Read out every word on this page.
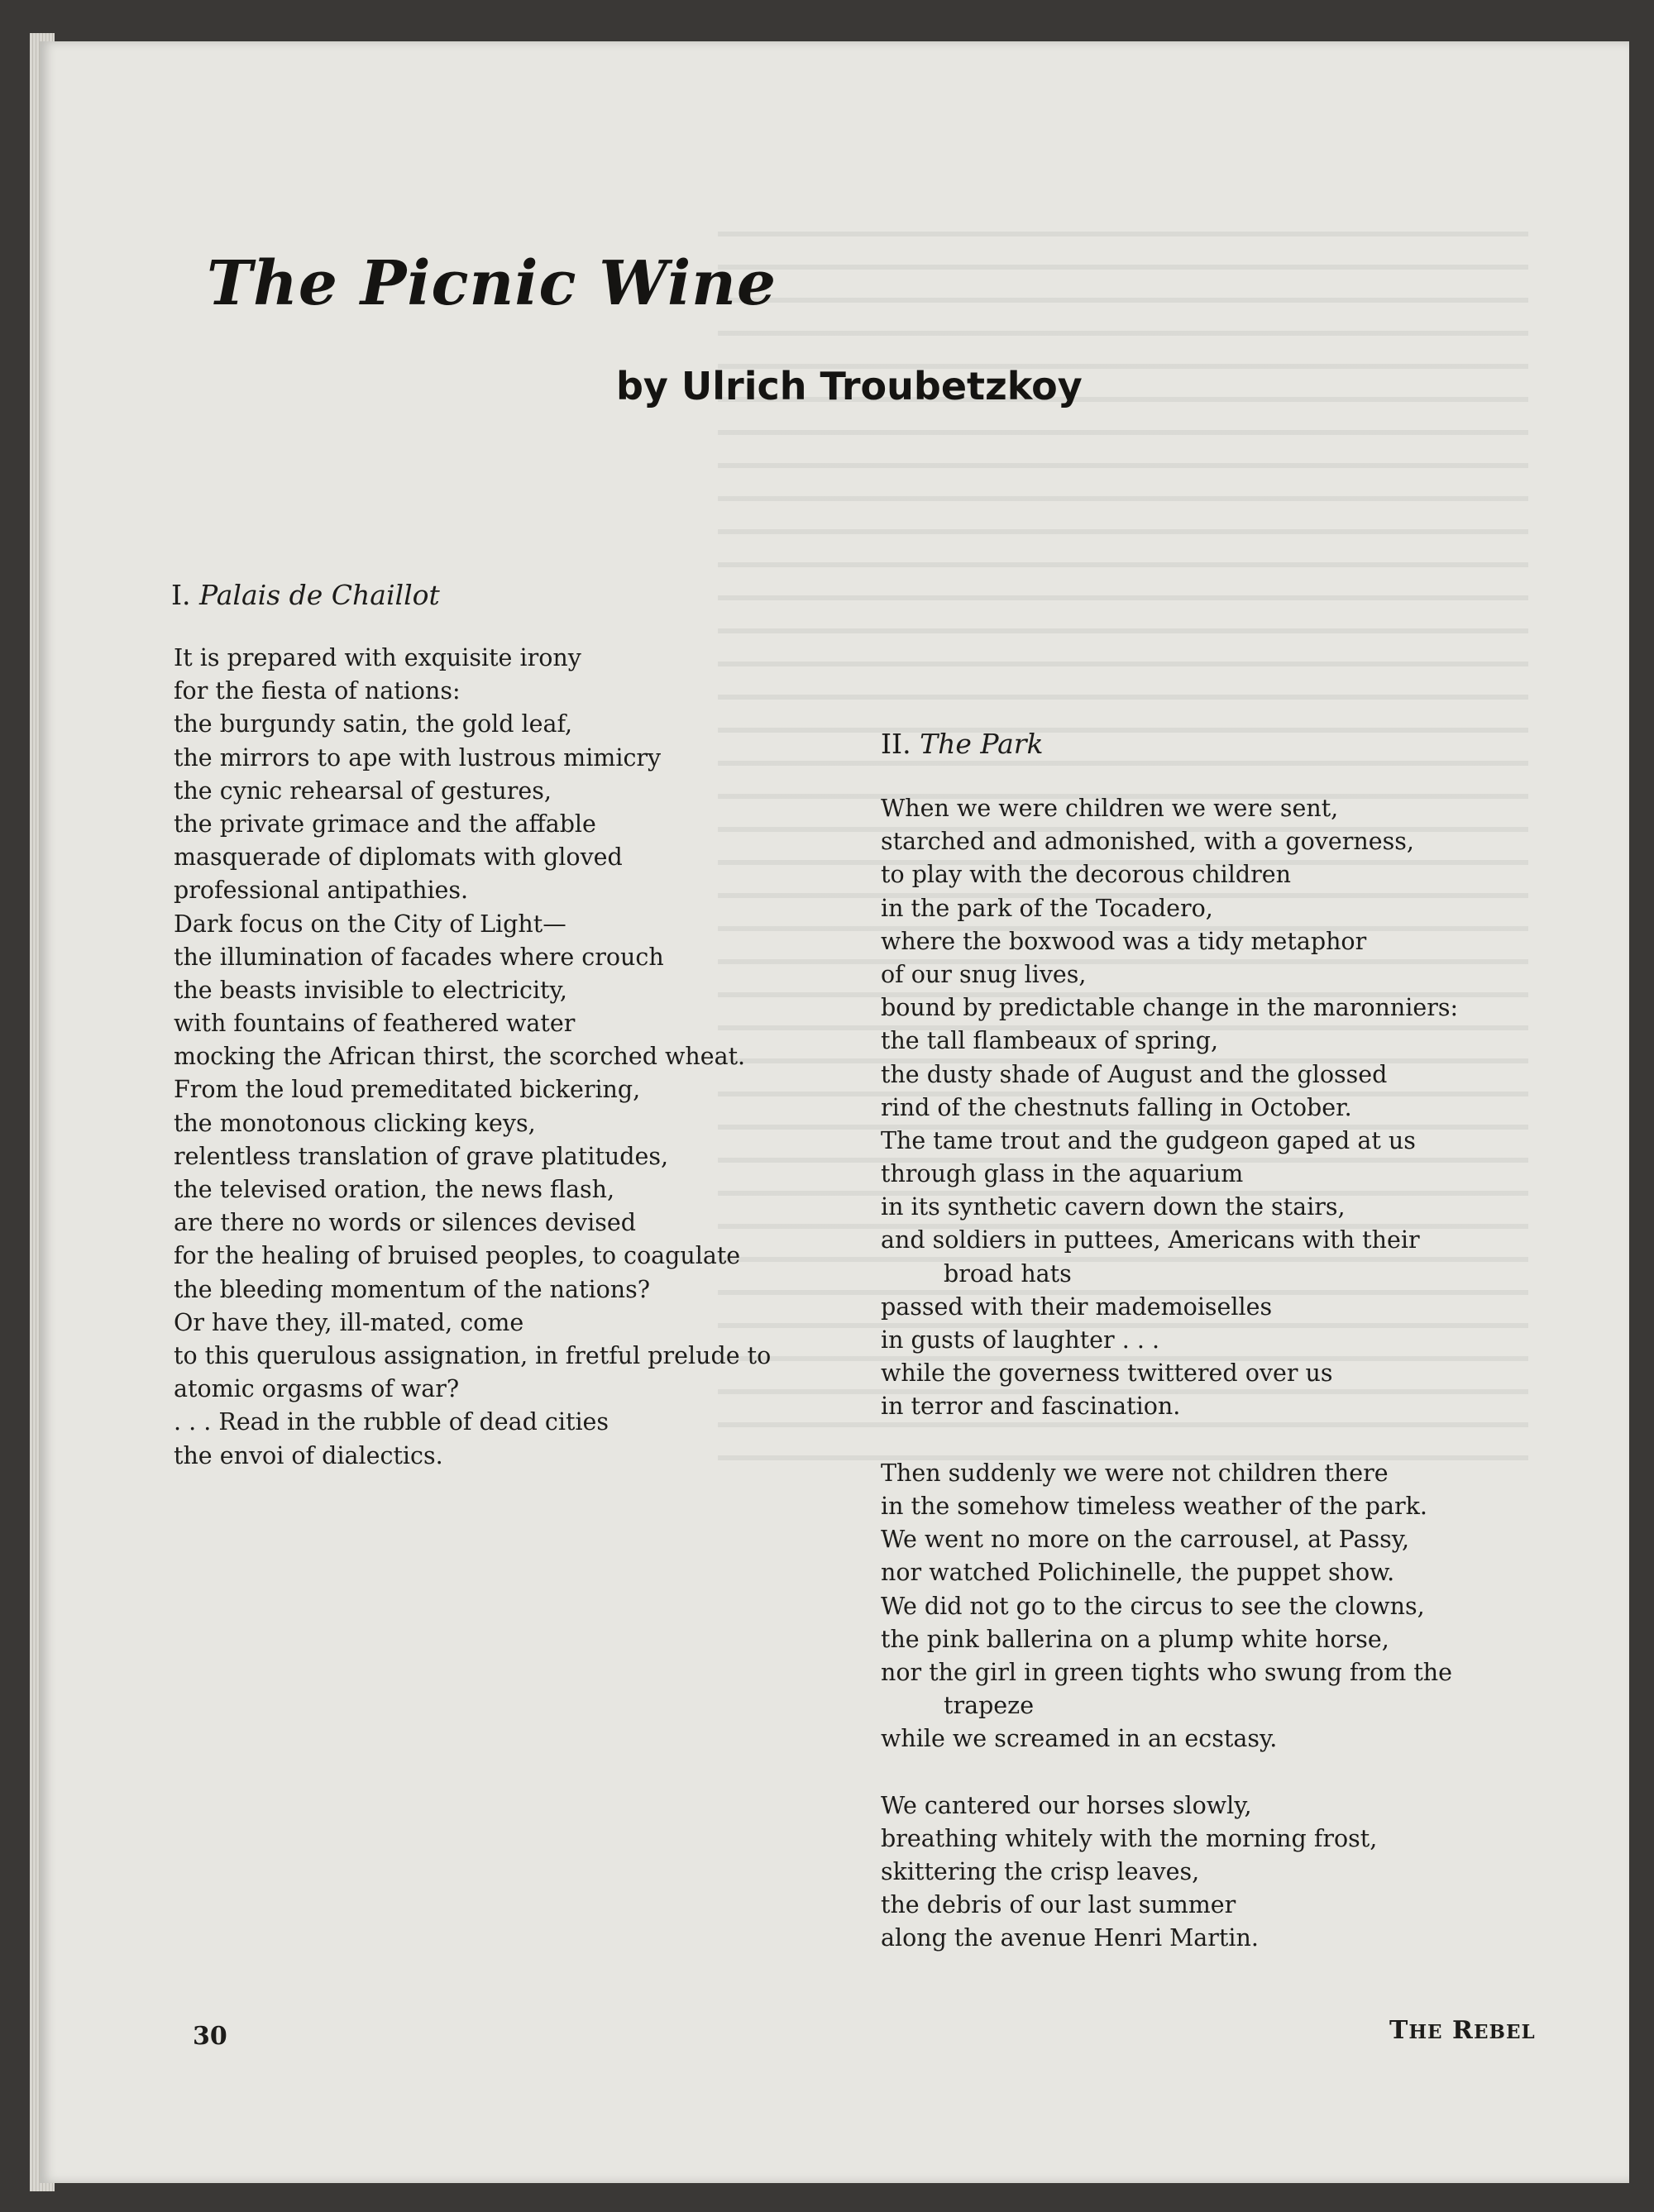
The Picnic Wine
by Ulrich Troubetzkoy
I. Palais de Chaillot
It is prepared with exquisite irony
for the fiesta of nations:
the burgundy satin, the gold leaf,
the mirrors to ape with lustrous mimicry
the cynic rehearsal of gestures,
the private grimace and the affable
masquerade of diplomats with gloved
professional antipathies.
Dark focus on the City of Light—
the illumination of facades where crouch
the beasts invisible to electricity,
with fountains of feathered water
mocking the African thirst, the scorched wheat.
From the loud premeditated bickering,
the monotonous clicking keys,
relentless translation of grave platitudes,
the televised oration, the news flash,
are there no words or silences devised
for the healing of bruised peoples, to coagulate
the bleeding momentum of the nations?
Or have they, ill-mated, come
to this querulous assignation, in fretful prelude to
atomic orgasms of war?
. . . Read in the rubble of dead cities
the envoi of dialectics.
II. The Park
When we were children we were sent,
starched and admonished, with a governess,
to play with the decorous children
in the park of the Tocadero,
where the boxwood was a tidy metaphor
of our snug lives,
bound by predictable change in the maronniers:
the tall flambeaux of spring,
the dusty shade of August and the glossed
rind of the chestnuts falling in October.
The tame trout and the gudgeon gaped at us
through glass in the aquarium
in its synthetic cavern down the stairs,
and soldiers in puttees, Americans with their
broad hats
passed with their mademoiselles
in gusts of laughter . . .
while the governess twittered over us
in terror and fascination.
Then suddenly we were not children there
in the somehow timeless weather of the park.
We went no more on the carrousel, at Passy,
nor watched Polichinelle, the puppet show.
We did not go to the circus to see the clowns,
the pink ballerina on a plump white horse,
nor the girl in green tights who swung from the
trapeze
while we screamed in an ecstasy.
We cantered our horses slowly,
breathing whitely with the morning frost,
skittering the crisp leaves,
the debris of our last summer
along the avenue Henri Martin.
30	THE REBEL
